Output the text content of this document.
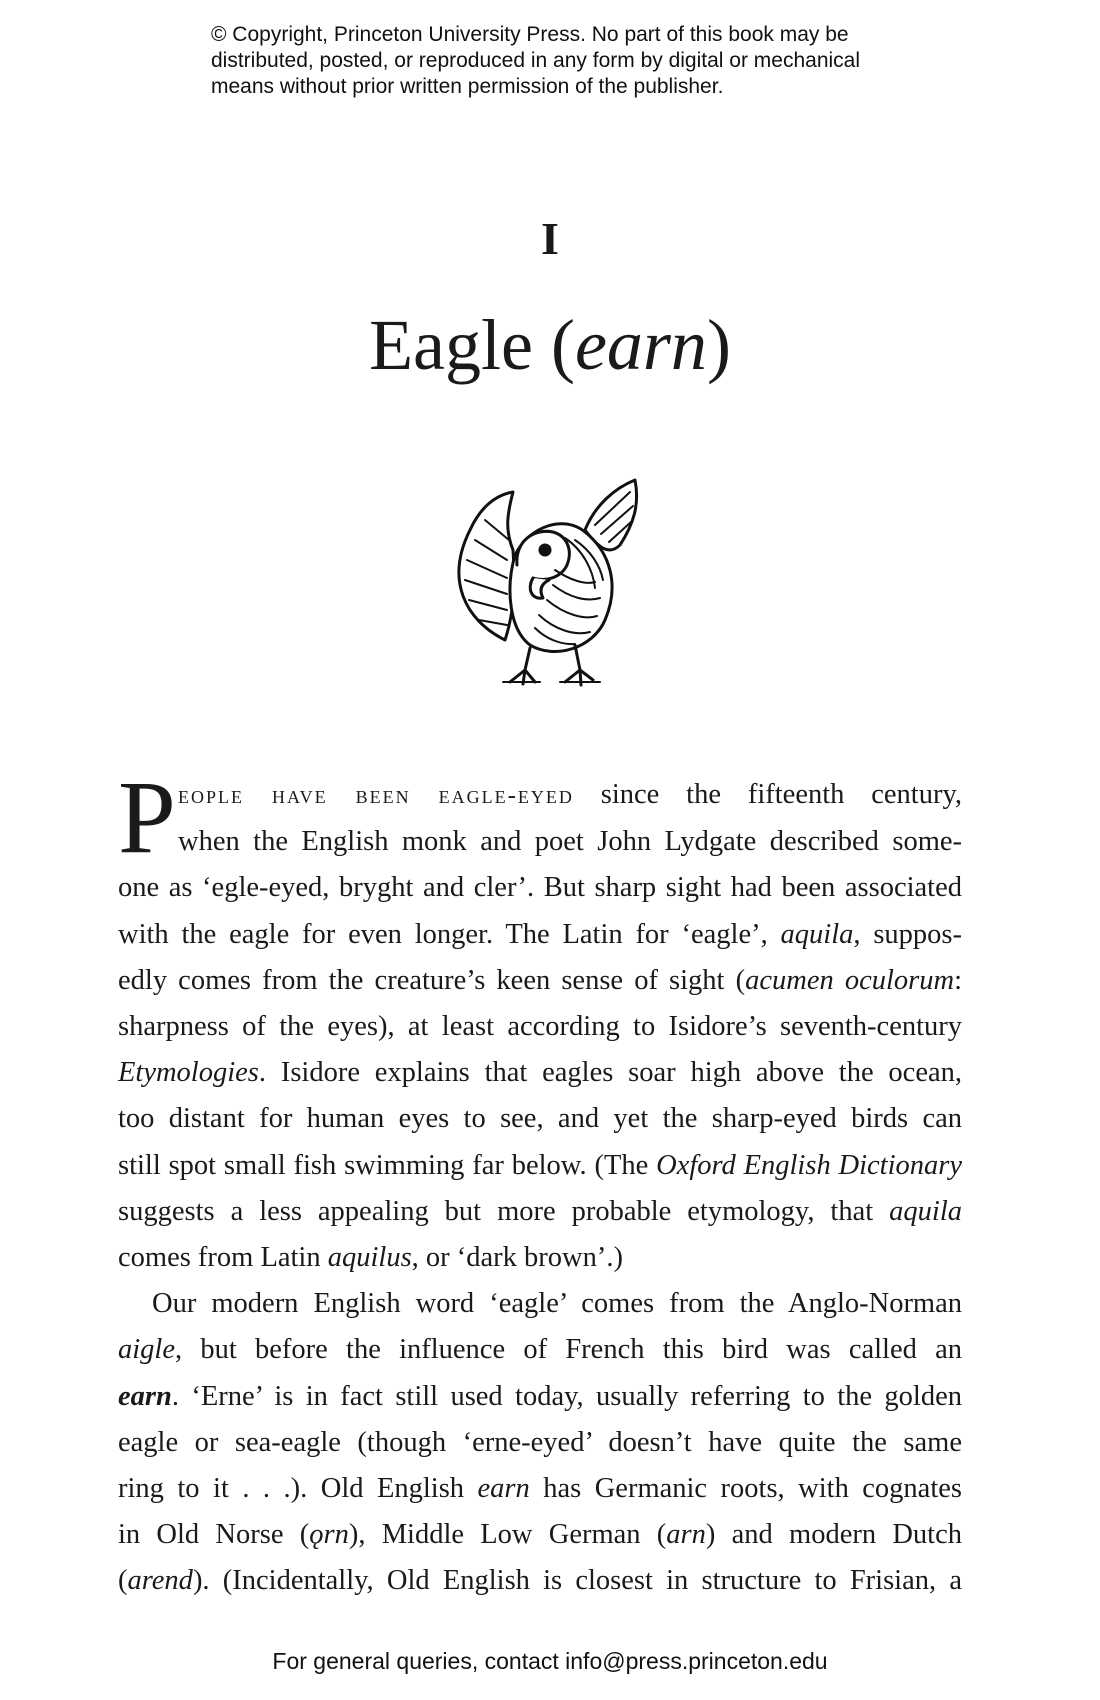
© Copyright, Princeton University Press. No part of this book may be
distributed, posted, or reproduced in any form by digital or mechanical
means without prior written permission of the publisher.
I
Eagle (earn)
P eople have been eagle-eyed since the fifteenth century,
when the English monk and poet John Lydgate described some-
one as ‘egle-eyed, bryght and cler’. But sharp sight had been associated
with the eagle for even longer. The Latin for ‘eagle’, aquila, suppos-
edly comes from the creature’s keen sense of sight (acumen oculorum:
sharpness of the eyes), at least according to Isidore’s seventh-century
Etymologies. Isidore explains that eagles soar high above the ocean,
too distant for human eyes to see, and yet the sharp-eyed birds can
still spot small fish swimming far below. (The Oxford English Dictionary
suggests a less appealing but more probable etymology, that aquila
comes from Latin aquilus, or ‘dark brown’.)
Our modern English word ‘eagle’ comes from the Anglo-Norman
aigle, but before the influence of French this bird was called an
earn. ‘Erne’ is in fact still used today, usually referring to the golden
eagle or sea-eagle (though ‘erne-eyed’ doesn’t have quite the same
ring to it . . .). Old English earn has Germanic roots, with cognates
in Old Norse (ǫrn), Middle Low German (arn) and modern Dutch
(arend). (Incidentally, Old English is closest in structure to Frisian, a
For general queries, contact info@press.princeton.edu
